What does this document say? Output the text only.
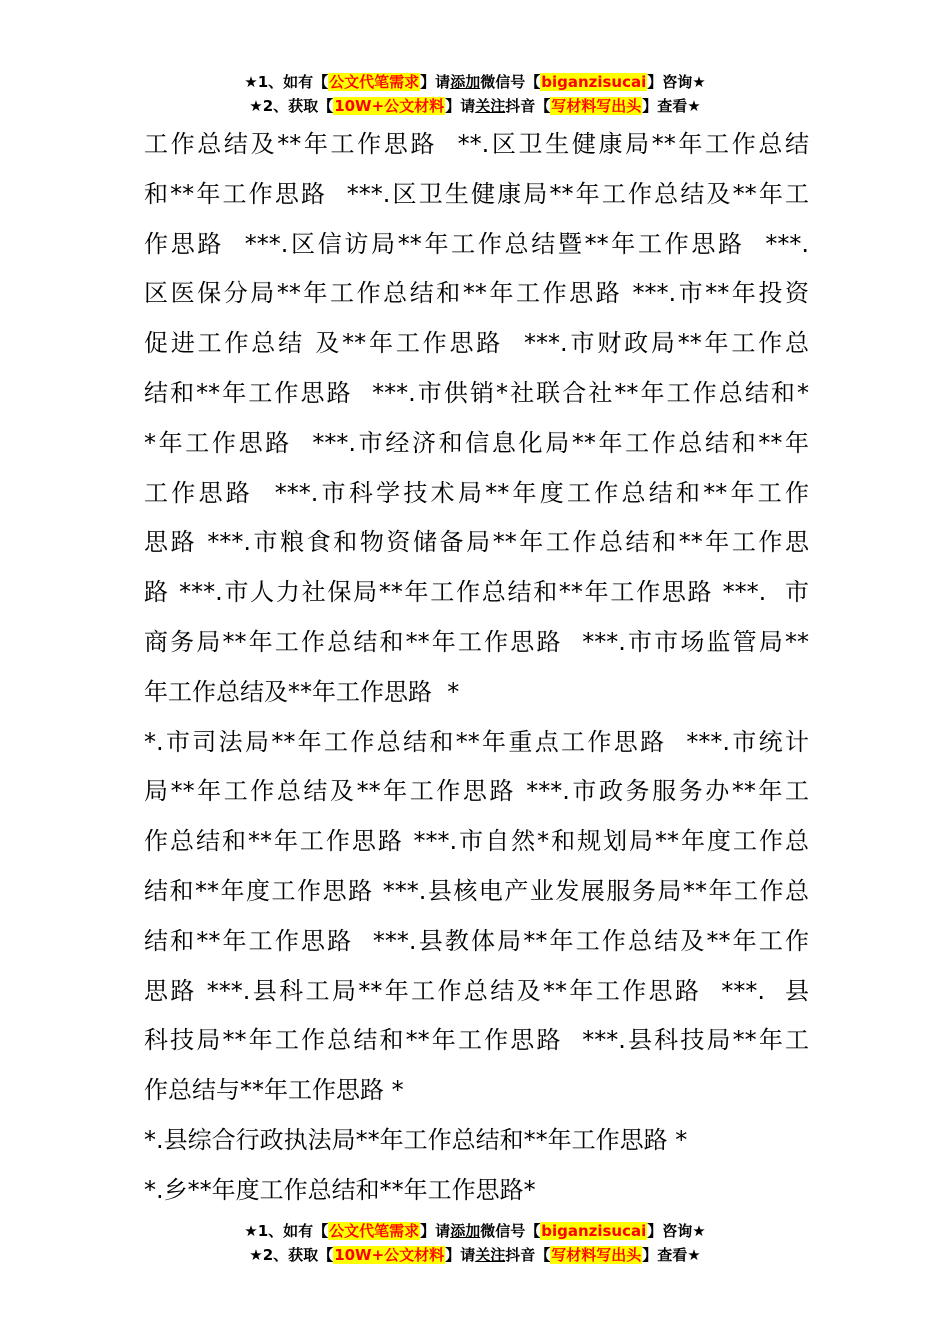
★1、如有【公文代笔需求】请添加微信号【biganzisucai】咨询★
★2、获取【10W+公文材料】请关注抖音【写材料写出头】查看★
工作总结及**年工作思路  **.区卫生健康局**年工作总结
和**年工作思路  ***.区卫生健康局**年工作总结及**年工
作思路  ***.区信访局**年工作总结暨**年工作思路  ***.
区医保分局**年工作总结和**年工作思路 ***.市**年投资
促进工作总结 及**年工作思路  ***.市财政局**年工作总
结和**年工作思路  ***.市供销*社联合社**年工作总结和*
*年工作思路  ***.市经济和信息化局**年工作总结和**年
工作思路  ***.市科学技术局**年度工作总结和**年工作
思路 ***.市粮食和物资储备局**年工作总结和**年工作思
路 ***.市人力社保局**年工作总结和**年工作思路 ***.  市
商务局**年工作总结和**年工作思路  ***.市市场监管局**
年工作总结及**年工作思路  *
*.市司法局**年工作总结和**年重点工作思路  ***.市统计
局**年工作总结及**年工作思路 ***.市政务服务办**年工
作总结和**年工作思路 ***.市自然*和规划局**年度工作总
结和**年度工作思路 ***.县核电产业发展服务局**年工作总
结和**年工作思路  ***.县教体局**年工作总结及**年工作
思路 ***.县科工局**年工作总结及**年工作思路  ***.  县
科技局**年工作总结和**年工作思路  ***.县科技局**年工
作总结与**年工作思路 *
*.县综合行政执法局**年工作总结和**年工作思路 *
*.乡**年度工作总结和**年工作思路*
★1、如有【公文代笔需求】请添加微信号【biganzisucai】咨询★
★2、获取【10W+公文材料】请关注抖音【写材料写出头】查看★
